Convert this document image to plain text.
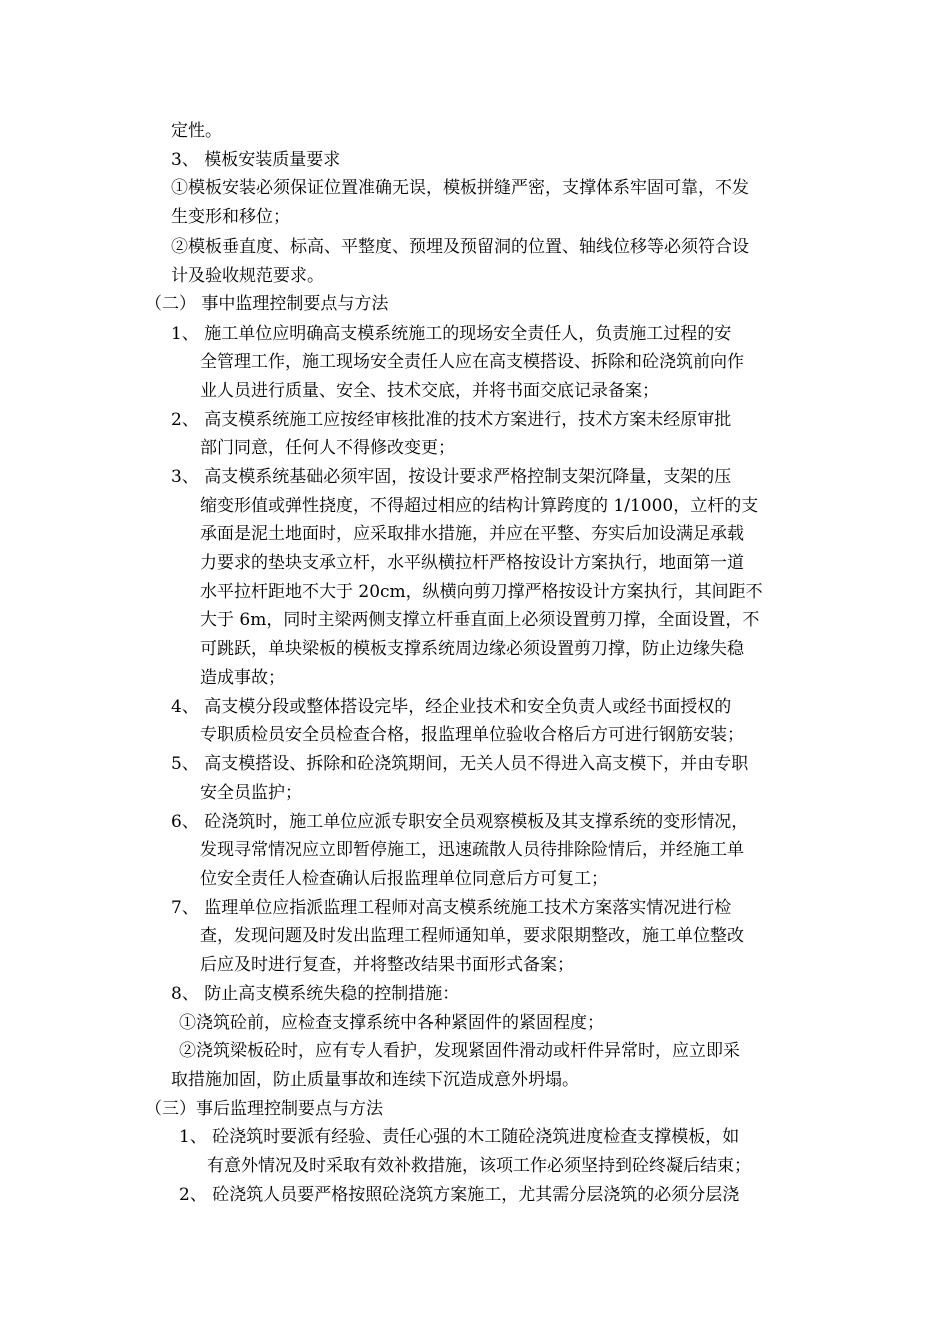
定性。

3、 模板安装质量要求

①模板安装必须保证位置准确无误，模板拼缝严密，支撑体系牢固可靠，不发

生变形和移位；

②模板垂直度、标高、平整度、预埋及预留洞的位置、轴线位移等必须符合设

计及验收规范要求。

（二） 事中监理控制要点与方法

1、 施工单位应明确高支模系统施工的现场安全责任人，负责施工过程的安

全管理工作，施工现场安全责任人应在高支模搭设、拆除和砼浇筑前向作

业人员进行质量、安全、技术交底，并将书面交底记录备案；

2、 高支模系统施工应按经审核批准的技术方案进行，技术方案未经原审批

部门同意，任何人不得修改变更；

3、 高支模系统基础必须牢固，按设计要求严格控制支架沉降量，支架的压

缩变形值或弹性挠度，不得超过相应的结构计算跨度的 1/1000，立杆的支

承面是泥土地面时，应采取排水措施，并应在平整、夯实后加设满足承载

力要求的垫块支承立杆，水平纵横拉杆严格按设计方案执行，地面第一道

水平拉杆距地不大于 20cm，纵横向剪刀撑严格按设计方案执行，其间距不

大于 6m，同时主梁两侧支撑立杆垂直面上必须设置剪刀撑，全面设置，不

可跳跃，单块梁板的模板支撑系统周边缘必须设置剪刀撑，防止边缘失稳

造成事故；

4、 高支模分段或整体搭设完毕，经企业技术和安全负责人或经书面授权的

专职质检员安全员检查合格，报监理单位验收合格后方可进行钢筋安装；

5、 高支模搭设、拆除和砼浇筑期间，无关人员不得进入高支模下，并由专职

安全员监护；

6、 砼浇筑时，施工单位应派专职安全员观察模板及其支撑系统的变形情况，

发现寻常情况应立即暂停施工，迅速疏散人员待排除险情后，并经施工单

位安全责任人检查确认后报监理单位同意后方可复工；

7、 监理单位应指派监理工程师对高支模系统施工技术方案落实情况进行检

查，发现问题及时发出监理工程师通知单，要求限期整改，施工单位整改

后应及时进行复查，并将整改结果书面形式备案；

8、 防止高支模系统失稳的控制措施：

①浇筑砼前，应检查支撑系统中各种紧固件的紧固程度；

②浇筑梁板砼时，应有专人看护，发现紧固件滑动或杆件异常时，应立即采

取措施加固，防止质量事故和连续下沉造成意外坍塌。

（三）事后监理控制要点与方法

1、 砼浇筑时要派有经验、责任心强的木工随砼浇筑进度检查支撑模板，如

有意外情况及时采取有效补救措施，该项工作必须坚持到砼终凝后结束；

2、 砼浇筑人员要严格按照砼浇筑方案施工，尤其需分层浇筑的必须分层浇
